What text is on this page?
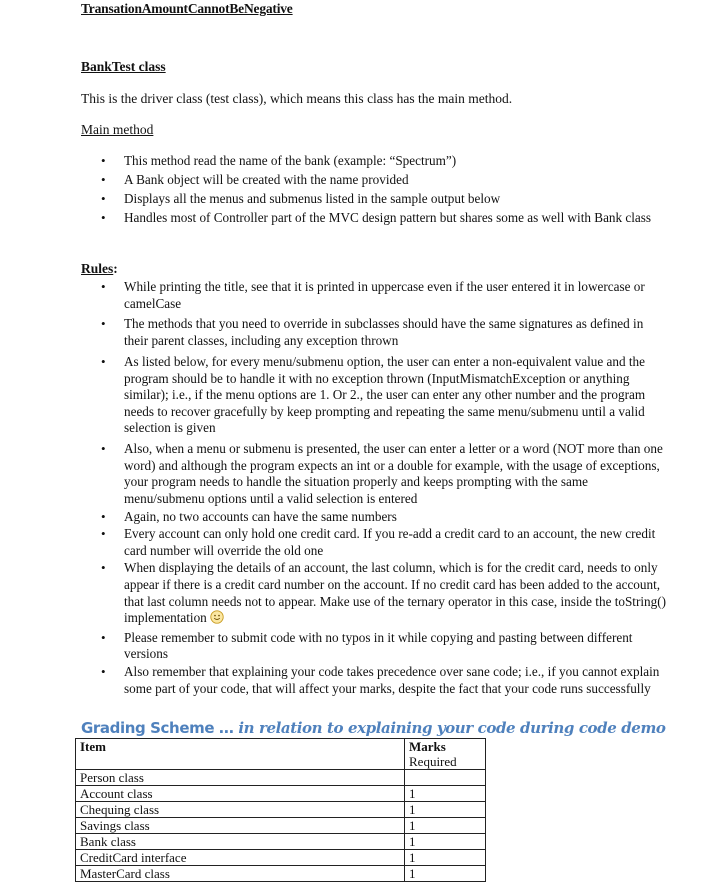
TransationAmountCannotBeNegative
BankTest class
This is the driver class (test class), which means this class has the main method.
Main method
• This method read the name of the bank (example: “Spectrum”)
• A Bank object will be created with the name provided
• Displays all the menus and submenus listed in the sample output below
• Handles most of Controller part of the MVC design pattern but shares some as well with Bank class
Rules:
• While printing the title, see that it is printed in uppercase even if the user entered it in lowercase or camelCase
• The methods that you need to override in subclasses should have the same signatures as defined in their parent classes, including any exception thrown
• As listed below, for every menu/submenu option, the user can enter a non-equivalent value and the program should be to handle it with no exception thrown (InputMismatchException or anything similar); i.e., if the menu options are 1. Or 2., the user can enter any other number and the program needs to recover gracefully by keep prompting and repeating the same menu/submenu until a valid selection is given
• Also, when a menu or submenu is presented, the user can enter a letter or a word (NOT more than one word) and although the program expects an int or a double for example, with the usage of exceptions, your program needs to handle the situation properly and keeps prompting with the same menu/submenu options until a valid selection is entered
• Again, no two accounts can have the same numbers
• Every account can only hold one credit card. If you re-add a credit card to an account, the new credit card number will override the old one
• When displaying the details of an account, the last column, which is for the credit card, needs to only appear if there is a credit card number on the account. If no credit card has been added to the account, that last column needs not to appear. Make use of the ternary operator in this case, inside the toString() implementation
• Please remember to submit code with no typos in it while copying and pasting between different versions
• Also remember that explaining your code takes precedence over sane code; i.e., if you cannot explain some part of your code, that will affect your marks, despite the fact that your code runs successfully
Grading Scheme … in relation to explaining your code during code demo
Item	Marks
	Required
Person class	
Account class	1
Chequing class	1
Savings class	1
Bank class	1
CreditCard interface	1
MasterCard class	1
